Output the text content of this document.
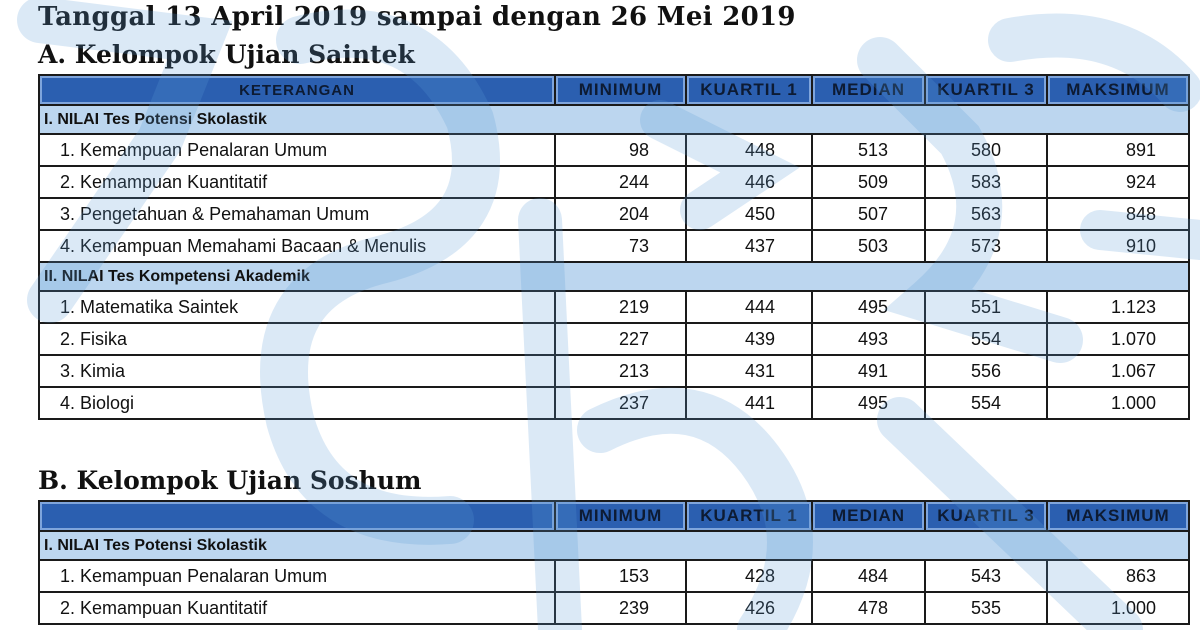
Tanggal 13 April 2019 sampai dengan 26 Mei 2019
A. Kelompok Ujian Saintek
KETERANGAN	MINIMUM	KUARTIL 1	MEDIAN	KUARTIL 3	MAKSIMUM
I. NILAI Tes Potensi Skolastik					
1. Kemampuan Penalaran Umum	98	448	513	580	891
2. Kemampuan Kuantitatif	244	446	509	583	924
3. Pengetahuan & Pemahaman Umum	204	450	507	563	848
4. Kemampuan Memahami Bacaan & Menulis	73	437	503	573	910
II. NILAI Tes Kompetensi Akademik					
1. Matematika Saintek	219	444	495	551	1.123
2. Fisika	227	439	493	554	1.070
3. Kimia	213	431	491	556	1.067
4. Biologi	237	441	495	554	1.000
B. Kelompok Ujian Soshum
	MINIMUM	KUARTIL 1	MEDIAN	KUARTIL 3	MAKSIMUM
I. NILAI Tes Potensi Skolastik					
1. Kemampuan Penalaran Umum	153	428	484	543	863
2. Kemampuan Kuantitatif	239	426	478	535	1.000
